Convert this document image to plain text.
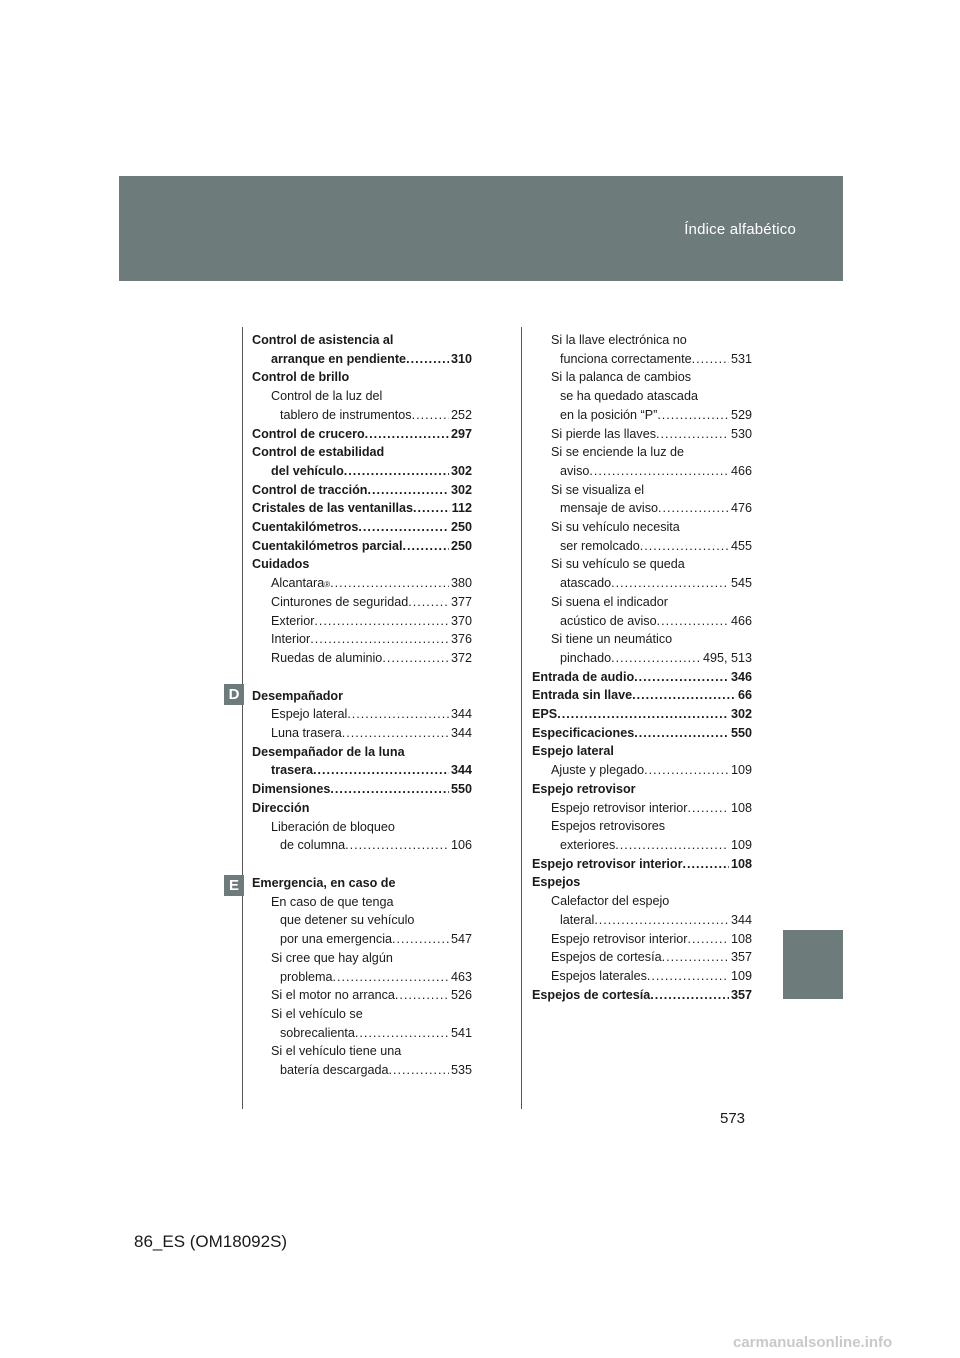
Índice alfabético
Control de asistencia al
arranque en pendiente .....	310
Control de brillo
Control de la luz del
tablero de instrumentos .....	252
Control de crucero .....	297
Control de estabilidad
del vehículo .....	302
Control de tracción .....	302
Cristales de las ventanillas .....	112
Cuentakilómetros .....	250
Cuentakilómetros parcial .....	250
Cuidados
Alcantara ® .....	380
Cinturones de seguridad .....	377
Exterior .....	370
Interior .....	376
Ruedas de aluminio .....	372
Desempañador
Espejo lateral .....	344
Luna trasera .....	344
Desempañador de la luna
trasera .....	344
Dimensiones .....	550
Dirección
Liberación de bloqueo
de columna .....	106
Emergencia, en caso de
En caso de que tenga
que detener su vehículo
por una emergencia .....	547
Si cree que hay algún
problema .....	463
Si el motor no arranca .....	526
Si el vehículo se
sobrecalienta .....	541
Si el vehículo tiene una
batería descargada .....	535
Si la llave electrónica no
funciona correctamente .....	531
Si la palanca de cambios
se ha quedado atascada
en la posición “P” .....	529
Si pierde las llaves .....	530
Si se enciende la luz de
aviso .....	466
Si se visualiza el
mensaje de aviso .....	476
Si su vehículo necesita
ser remolcado .....	455
Si su vehículo se queda
atascado .....	545
Si suena el indicador
acústico de aviso .....	466
Si tiene un neumático
pinchado .....	495, 513
Entrada de audio .....	346
Entrada sin llave .....	66
EPS .....	302
Especificaciones .....	550
Espejo lateral
Ajuste y plegado .....	109
Espejo retrovisor
Espejo retrovisor interior .....	108
Espejos retrovisores
exteriores .....	109
Espejo retrovisor interior .....	108
Espejos
Calefactor del espejo
lateral .....	344
Espejo retrovisor interior .....	108
Espejos de cortesía .....	357
Espejos laterales .....	109
Espejos de cortesía .....	357
D
E
573
86_ES (OM18092S)
carmanualsonline.info
